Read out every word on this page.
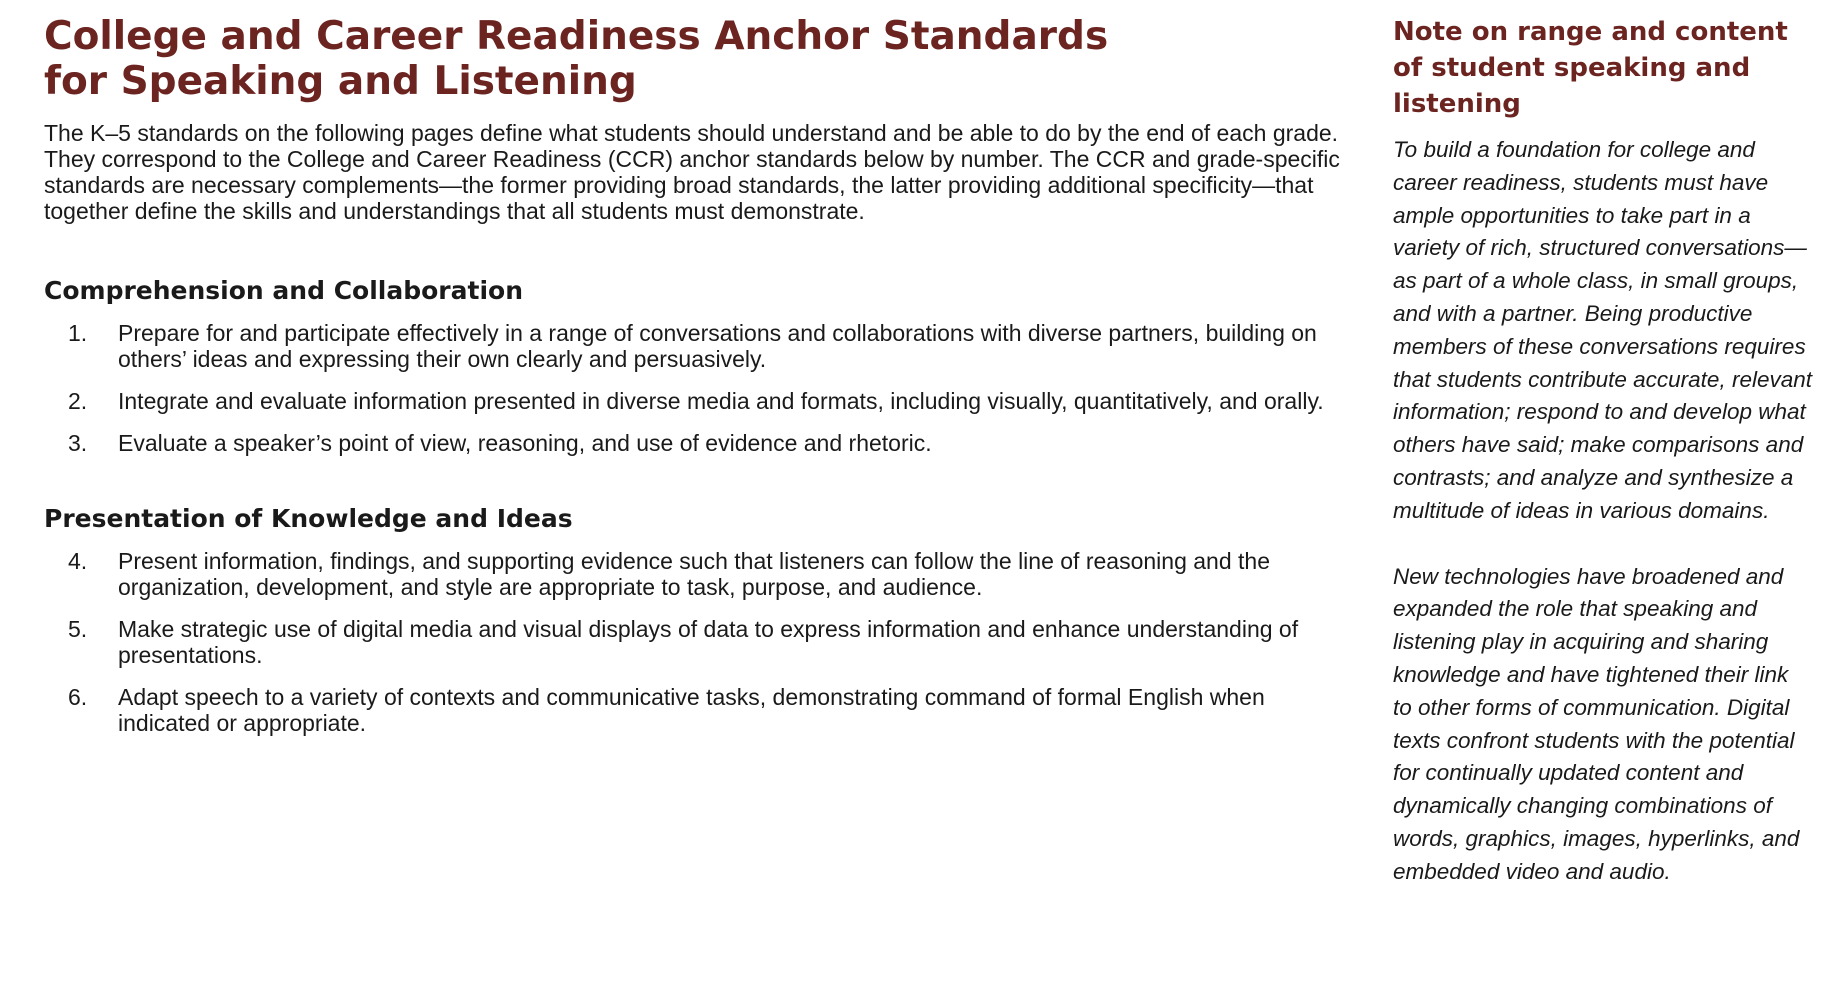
College and Career Readiness Anchor Standards
for Speaking and Listening

The K–5 standards on the following pages define what students should understand and be able to do by the end of each grade. They correspond to the College and Career Readiness (CCR) anchor standards below by number. The CCR and grade-specific standards are necessary complements—the former providing broad standards, the latter providing additional specificity—that together define the skills and understandings that all students must demonstrate.

Comprehension and Collaboration
1.	Prepare for and participate effectively in a range of conversations and collaborations with diverse partners, building on others’ ideas and expressing their own clearly and persuasively.
2.	Integrate and evaluate information presented in diverse media and formats, including visually, quantitatively, and orally.
3.	Evaluate a speaker’s point of view, reasoning, and use of evidence and rhetoric.
Presentation of Knowledge and Ideas
4.	Present information, findings, and supporting evidence such that listeners can follow the line of reasoning and the organization, development, and style are appropriate to task, purpose, and audience.
5.	Make strategic use of digital media and visual displays of data to express information and enhance understanding of presentations.
6.	Adapt speech to a variety of contexts and communicative tasks, demonstrating command of formal English when indicated or appropriate.
Note on range and content of student speaking and listening

To build a foundation for college and career readiness, students must have ample opportunities to take part in a variety of rich, structured conversations—as part of a whole class, in small groups, and with a partner. Being productive members of these conversations requires that students contribute accurate, relevant information; respond to and develop what others have said; make comparisons and contrasts; and analyze and synthesize a multitude of ideas in various domains.

New technologies have broadened and expanded the role that speaking and listening play in acquiring and sharing knowledge and have tightened their link to other forms of communication. Digital texts confront students with the potential for continually updated content and dynamically changing combinations of words, graphics, images, hyperlinks, and embedded video and audio.
